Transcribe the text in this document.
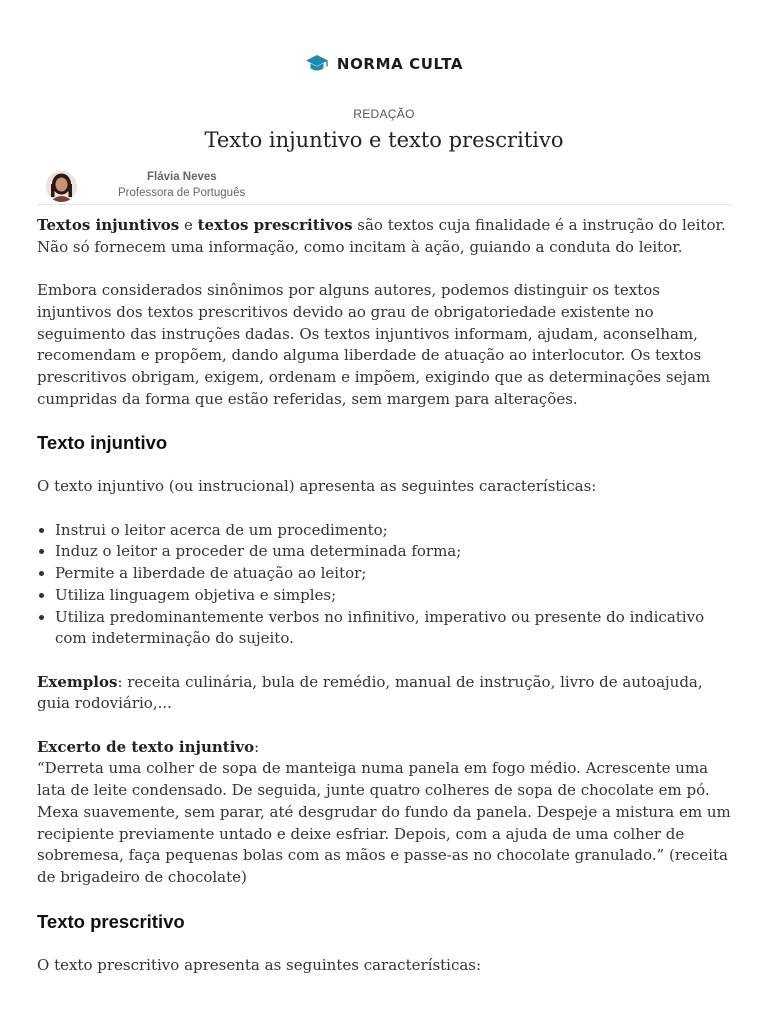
NORMA CULTA
REDAÇÃO
Texto injuntivo e texto prescritivo
Flávia Neves
Professora de Português

Textos injuntivos e textos prescritivos são textos cuja finalidade é a instrução do leitor. Não só fornecem uma informação, como incitam à ação, guiando a conduta do leitor.

Embora considerados sinônimos por alguns autores, podemos distinguir os textos injuntivos dos textos prescritivos devido ao grau de obrigatoriedade existente no seguimento das instruções dadas. Os textos injuntivos informam, ajudam, aconselham, recomendam e propõem, dando alguma liberdade de atuação ao interlocutor. Os textos prescritivos obrigam, exigem, ordenam e impõem, exigindo que as determinações sejam cumpridas da forma que estão referidas, sem margem para alterações.

Texto injuntivo

O texto injuntivo (ou instrucional) apresenta as seguintes características:

• Instrui o leitor acerca de um procedimento;
• Induz o leitor a proceder de uma determinada forma;
• Permite a liberdade de atuação ao leitor;
• Utiliza linguagem objetiva e simples;
• Utiliza predominantemente verbos no infinitivo, imperativo ou presente do indicativo com indeterminação do sujeito.

Exemplos: receita culinária, bula de remédio, manual de instrução, livro de autoajuda, guia rodoviário,...

Excerto de texto injuntivo:
“Derreta uma colher de sopa de manteiga numa panela em fogo médio. Acrescente uma lata de leite condensado. De seguida, junte quatro colheres de sopa de chocolate em pó. Mexa suavemente, sem parar, até desgrudar do fundo da panela. Despeje a mistura em um recipiente previamente untado e deixe esfriar. Depois, com a ajuda de uma colher de sobremesa, faça pequenas bolas com as mãos e passe-as no chocolate granulado.” (receita de brigadeiro de chocolate)

Texto prescritivo

O texto prescritivo apresenta as seguintes características:
